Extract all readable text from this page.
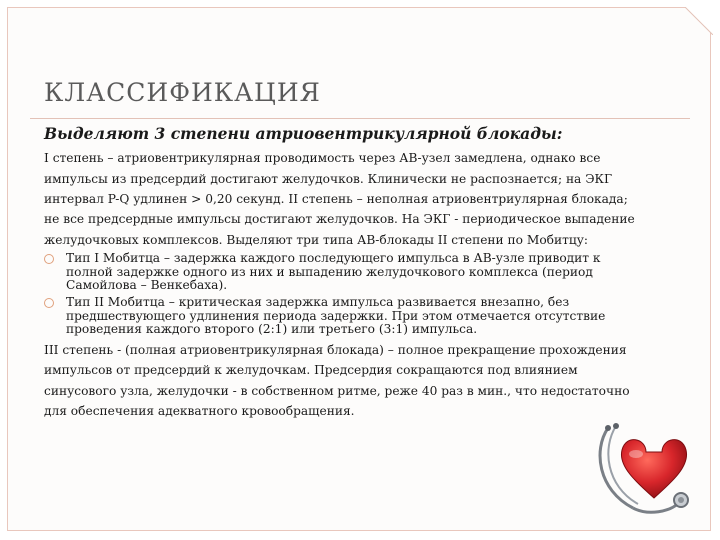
КЛАССИФИКАЦИЯ

Выделяют 3 степени атриовентрикулярной блокады:

I степень – атриовентрикулярная проводимость через АВ-узел замедлена, однако все импульсы из предсердий достигают желудочков. Клинически не распознается; на ЭКГ интервал P-Q удлинен > 0,20 секунд. II степень – неполная атриовентриулярная блокада; не все предсердные импульсы достигают желудочков. На ЭКГ - периодическое выпадение желудочковых комплексов. Выделяют три типа АВ-блокады II степени по Мобитцу:

Тип I Мобитца – задержка каждого последующего импульса в АВ-узле приводит к полной задержке одного из них и выпадению желудочкового комплекса (период Самойлова – Венкебаха).
Тип II Мобитца – критическая задержка импульса развивается внезапно, без предшествующего удлинения периода задержки. При этом отмечается отсутствие проведения каждого второго (2:1) или третьего (3:1) импульса.

III степень - (полная атриовентрикулярная блокада) – полное прекращение прохождения импульсов от предсердий к желудочкам. Предсердия сокращаются под влиянием синусового узла, желудочки - в собственном ритме, реже 40 раз в мин., что недостаточно для обеспечения адекватного кровообращения.
